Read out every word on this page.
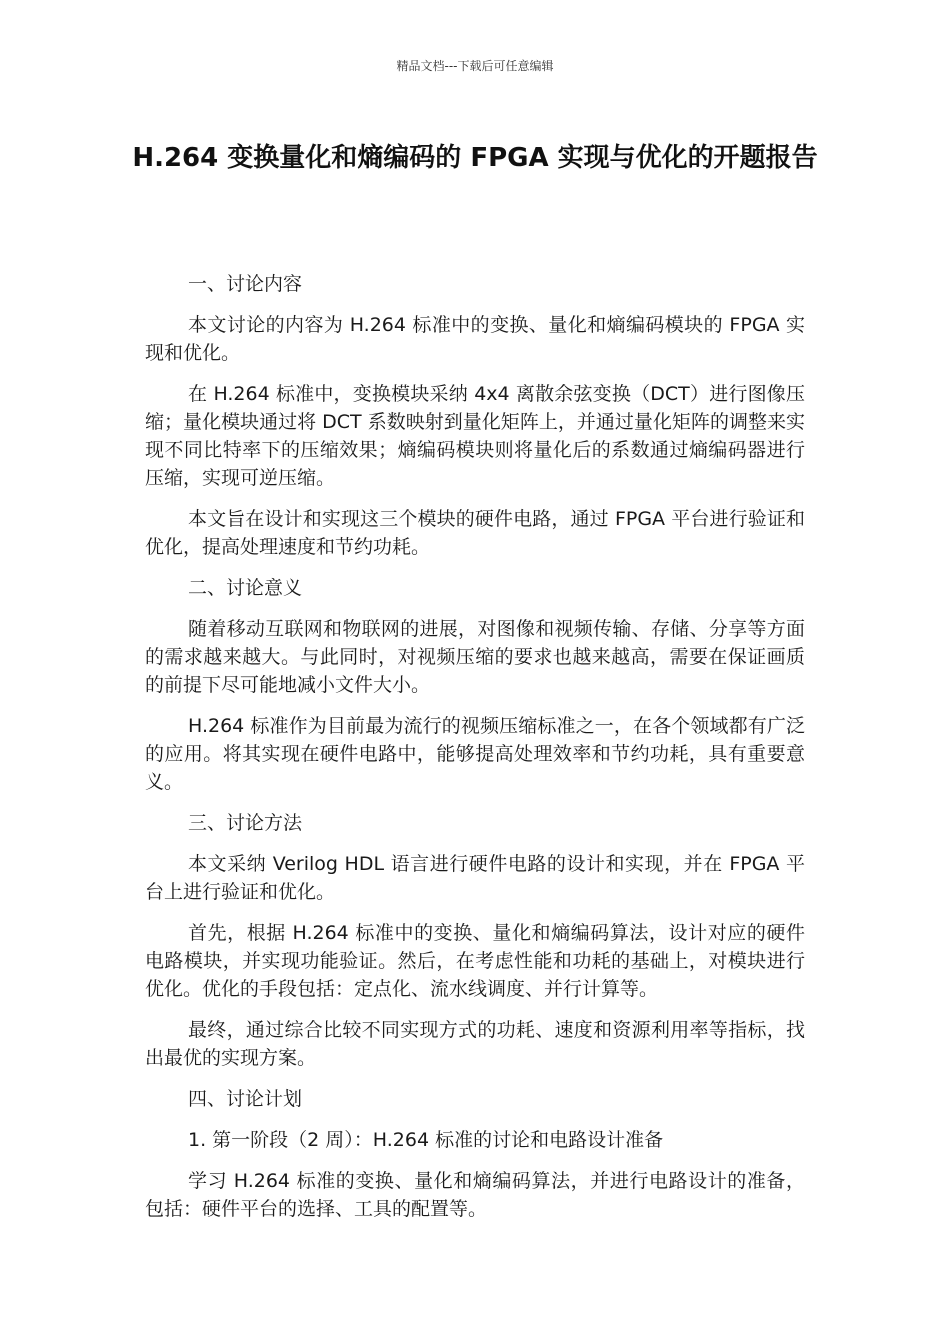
精品文档---下载后可任意编辑
H.264 变换量化和熵编码的 FPGA 实现与优化的开题报告

一、讨论内容

本文讨论的内容为 H.264 标准中的变换、量化和熵编码模块的 FPGA 实现和优化。

在 H.264 标准中，变换模块采纳 4x4 离散余弦变换（DCT）进行图像压缩；量化模块通过将 DCT 系数映射到量化矩阵上，并通过量化矩阵的调整来实现不同比特率下的压缩效果；熵编码模块则将量化后的系数通过熵编码器进行压缩，实现可逆压缩。

本文旨在设计和实现这三个模块的硬件电路，通过 FPGA 平台进行验证和优化，提高处理速度和节约功耗。

二、讨论意义

随着移动互联网和物联网的进展，对图像和视频传输、存储、分享等方面的需求越来越大。与此同时，对视频压缩的要求也越来越高，需要在保证画质的前提下尽可能地减小文件大小。

H.264 标准作为目前最为流行的视频压缩标准之一，在各个领域都有广泛的应用。将其实现在硬件电路中，能够提高处理效率和节约功耗，具有重要意义。

三、讨论方法

本文采纳 Verilog HDL 语言进行硬件电路的设计和实现，并在 FPGA 平台上进行验证和优化。

首先，根据 H.264 标准中的变换、量化和熵编码算法，设计对应的硬件电路模块，并实现功能验证。然后，在考虑性能和功耗的基础上，对模块进行优化。优化的手段包括：定点化、流水线调度、并行计算等。

最终，通过综合比较不同实现方式的功耗、速度和资源利用率等指标，找出最优的实现方案。

四、讨论计划

1. 第一阶段（2 周）：H.264 标准的讨论和电路设计准备

学习 H.264 标准的变换、量化和熵编码算法，并进行电路设计的准备，包括：硬件平台的选择、工具的配置等。
